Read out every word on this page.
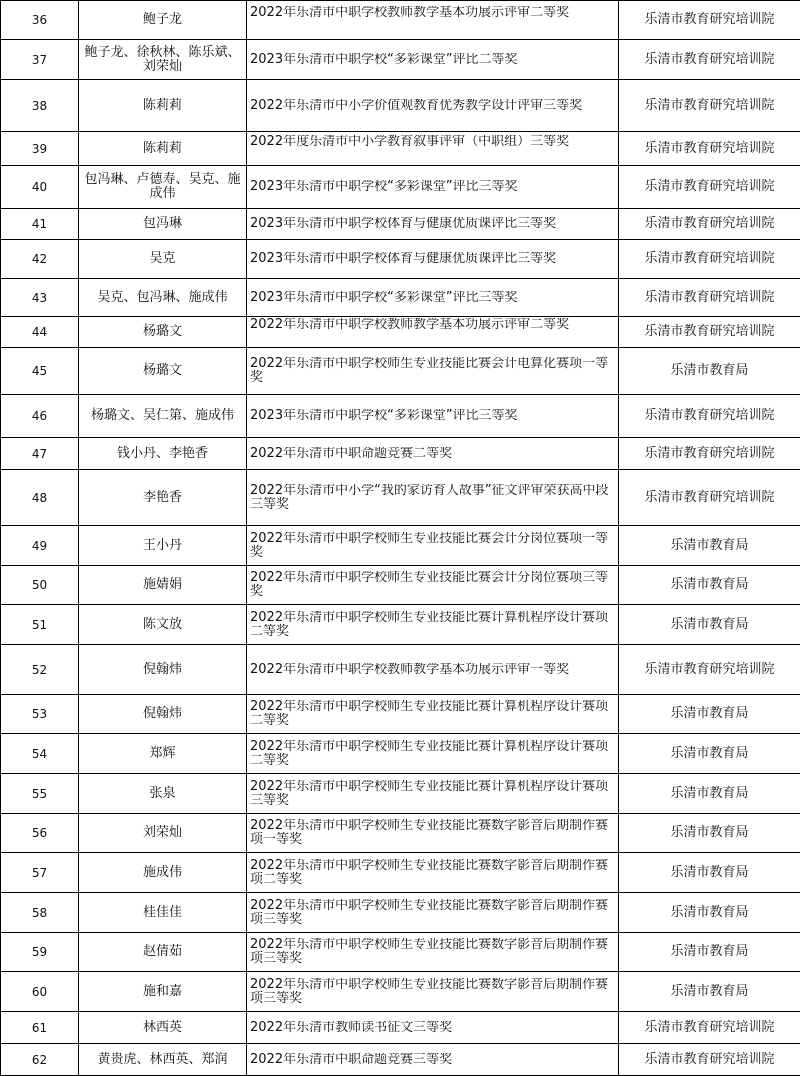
36	鲍子龙	2022年乐清市中职学校教师教学基本功展示评审二等奖	乐清市教育研究培训院
37	鲍子龙、徐秋林、陈乐斌、刘荣灿	2023年乐清市中职学校“多彩课堂”评比二等奖	乐清市教育研究培训院
38	陈莉莉	2022年乐清市中小学价值观教育优秀教学设计评审三等奖	乐清市教育研究培训院
39	陈莉莉	2022年度乐清市中小学教育叙事评审（中职组）三等奖	乐清市教育研究培训院
40	包冯琳、卢德寿、吴克、施成伟	2023年乐清市中职学校“多彩课堂”评比三等奖	乐清市教育研究培训院
41	包冯琳	2023年乐清市中职学校体育与健康优质课评比三等奖	乐清市教育研究培训院
42	吴克	2023年乐清市中职学校体育与健康优质课评比三等奖	乐清市教育研究培训院
43	吴克、包冯琳、施成伟	2023年乐清市中职学校“多彩课堂”评比三等奖	乐清市教育研究培训院
44	杨璐文	2022年乐清市中职学校教师教学基本功展示评审二等奖	乐清市教育研究培训院
45	杨璐文	2022年乐清市中职学校师生专业技能比赛会计电算化赛项一等奖	乐清市教育局
46	杨璐文、吴仁第、施成伟	2023年乐清市中职学校“多彩课堂”评比三等奖	乐清市教育研究培训院
47	钱小丹、李艳香	2022年乐清市中职命题竞赛二等奖	乐清市教育研究培训院
48	李艳香	2022年乐清市中小学“我的家访育人故事”征文评审荣获高中段三等奖	乐清市教育研究培训院
49	王小丹	2022年乐清市中职学校师生专业技能比赛会计分岗位赛项一等奖	乐清市教育局
50	施婧娟	2022年乐清市中职学校师生专业技能比赛会计分岗位赛项三等奖	乐清市教育局
51	陈文放	2022年乐清市中职学校师生专业技能比赛计算机程序设计赛项二等奖	乐清市教育局
52	倪翰炜	2022年乐清市中职学校教师教学基本功展示评审一等奖	乐清市教育研究培训院
53	倪翰炜	2022年乐清市中职学校师生专业技能比赛计算机程序设计赛项二等奖	乐清市教育局
54	郑辉	2022年乐清市中职学校师生专业技能比赛计算机程序设计赛项二等奖	乐清市教育局
55	张泉	2022年乐清市中职学校师生专业技能比赛计算机程序设计赛项三等奖	乐清市教育局
56	刘荣灿	2022年乐清市中职学校师生专业技能比赛数字影音后期制作赛项一等奖	乐清市教育局
57	施成伟	2022年乐清市中职学校师生专业技能比赛数字影音后期制作赛项二等奖	乐清市教育局
58	桂佳佳	2022年乐清市中职学校师生专业技能比赛数字影音后期制作赛项三等奖	乐清市教育局
59	赵倩茹	2022年乐清市中职学校师生专业技能比赛数字影音后期制作赛项三等奖	乐清市教育局
60	施和嘉	2022年乐清市中职学校师生专业技能比赛数字影音后期制作赛项三等奖	乐清市教育局
61	林西英	2022年乐清市教师读书征文三等奖	乐清市教育研究培训院
62	黄贵虎、林西英、郑润	2022年乐清市中职命题竞赛三等奖	乐清市教育研究培训院
